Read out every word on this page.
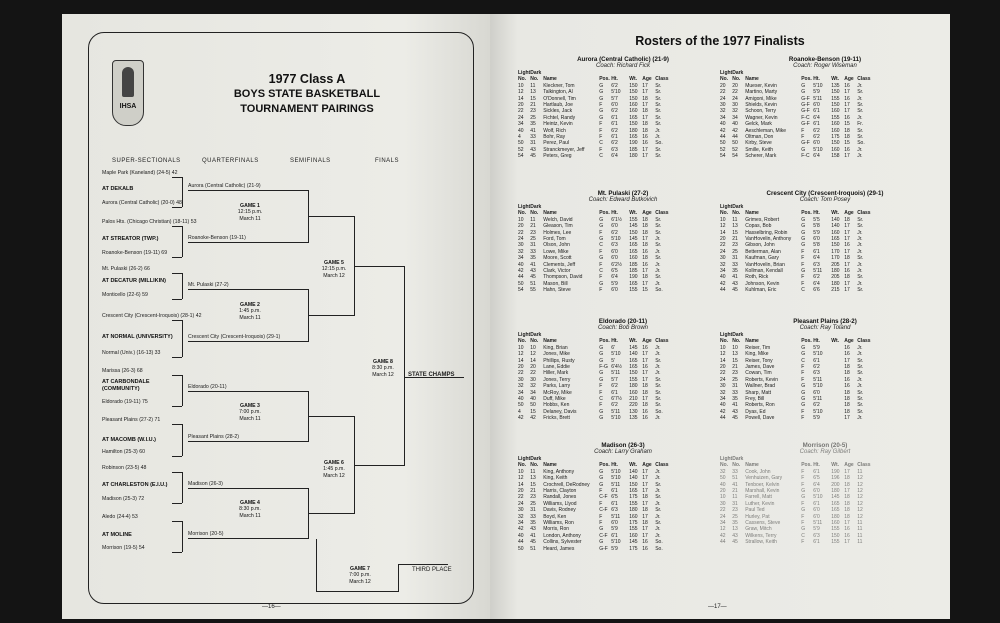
IHSA
1977 Class A
BOYS STATE BASKETBALL
TOURNAMENT PAIRINGS
SUPER-SECTIONALS	QUARTERFINALS	SEMIFINALS	FINALS
Maple Park (Kaneland) (24-5) 42
AT DEKALB
Aurora (Central Catholic) (20-0) 48
Palos Hts. (Chicago Christian) (18-11) 53
AT STREATOR (TWP.)
Roanoke-Benson (19-11) 69
Mt. Pulaski (26-2) 66
AT DECATUR (MILLIKIN)
Monticello (22-6) 59
Crescent City (Crescent-Iroquois) (28-1) 42
AT NORMAL (UNIVERSITY)
Normal (Univ.) (16-13) 33
Marissa (26-3) 68
AT CARBONDALE (COMMUNITY)
Eldorado (19-11) 75
Pleasant Plains (27-2) 71
AT MACOMB (W.I.U.)
Hamilton (25-3) 60
Robinson (23-5) 48
AT CHARLESTON (E.I.U.)
Madison (25-3) 72
Aledo (24-4) 53
AT MOLINE
Morrison (19-5) 54
Aurora (Central Catholic) (21-9)
Roanoke-Benson (19-11)
Mt. Pulaski (27-2)
Crescent City (Crescent-Iroquois) (29-1)
Eldorado (20-11)
Pleasant Plains (28-2)
Madison (26-3)
Morrison (20-5)
GAME 1
12:15 p.m.
March 11
GAME 2
1:45 p.m.
March 11
GAME 3
7:00 p.m.
March 11
GAME 4
8:30 p.m.
March 11
GAME 5
12:15 p.m.
March 12
GAME 6
1:45 p.m.
March 12
GAME 7
7:00 p.m.
March 12
GAME 8
8:30 p.m.
March 12	STATE CHAMPS
THIRD PLACE
—16—
Rosters of the 1977 Finalists
Aurora (Central Catholic) (21-9)
Coach: Richard Fick
Light	Dark						
No.	No.	Name	Pos.	Ht.	Wt.	Age	Class
10	11	Kleckner, Tom	G	6'2	150	17	Sr.
12	13	Talkington, Al	G	5'10	150	17	Sr.
14	15	O'Donnell, Tim	G	5'7	150	18	Sr.
20	21	Hartlaub, Joe	F	6'0	160	17	Sr.
22	23	Sickles, Jack	G	6'2	160	18	Sr.
24	25	Fichtel, Randy	G	6'1	165	17	Sr.
34	35	Heintz, Kevin	F	6'1	150	18	Sr.
40	41	Wolf, Rich	F	6'2	180	18	Jr.
4	33	Bohr, Ray	F	6'1	165	16	Jr.
50	31	Perez, Paul	C	6'2	190	16	So.
52	43	Stranckmeyer, Jeff	F	6'3	185	17	Sr.
54	45	Peters, Greg	C	6'4	180	17	Sr.
Roanoke-Benson (19-11)
Coach: Roger Wiseman
Light	Dark						
No.	No.	Name	Pos.	Ht.	Wt.	Age	Class
20	20	Mueser, Kevin	G	5'10	135	16	Jr.
22	22	Martino, Marty	G	5'9	150	17	Sr.
24	24	Amigoni, Mike	G-F	5'11	155	16	Jr.
30	30	Shields, Kevin	G-F	6'0	150	17	Sr.
32	32	Schoon, Terry	G-F	6'1	160	17	Sr.
34	34	Wagner, Kevin	F-C	6'4	155	16	Jr.
40	40	Gelck, Mark	G-F	6'1	160	15	Fr.
42	42	Aeschleman, Mike	F	6'2	160	18	Sr.
44	44	Oltman, Don	F	6'2	175	18	Sr.
50	50	Kirby, Steve	G-F	6'0	150	15	So.
52	52	Smille, Keith	G	5'10	160	16	Jr.
54	54	Scherer, Mark	F-C	6'4	158	17	Jr.
Mt. Pulaski (27-2)
Coach: Edward Butkovich
Light	Dark						
No.	No.	Name	Pos.	Ht.	Wt.	Age	Class
10	11	Welch, David	G	6'1½	155	18	Sr.
20	21	Gleason, Tim	G	6'0	145	18	Sr.
22	23	Holmes, Lee	F	6'2	150	18	Sr.
24	25	Ford, Tom	G	5'10	145	17	Jr.
30	31	Olson, John	C	6'3	165	18	Sr.
32	33	Lowe, Mike	F	6'0	165	16	Jr.
34	35	Moore, Scott	G	6'0	160	18	Sr.
40	41	Clements, Jeff	F	6'2½	185	16	Jr.
42	43	Clark, Victor	C	6'5	185	17	Jr.
44	45	Thompson, David	F	6'4	190	18	Sr.
50	51	Mason, Bill	G	5'9	165	17	Jr.
54	55	Hahn, Steve	F	6'0	155	15	So.
Crescent City (Crescent-Iroquois) (29-1)
Coach: Tom Posey
Light	Dark						
No.	No.	Name	Pos.	Ht.	Wt.	Age	Class
10	11	Grimes, Robert	G	5'5	140	18	Sr.
12	13	Copas, Bob	G	5'8	140	17	Sr.
14	15	Hasselbring, Robin	G	5'9	160	17	Jr.
20	21	VanHovelin, Anthony	G	6'0	165	17	Jr.
22	23	Gibson, John	G	5'8	150	16	Jr.
24	25	Betterman, Alan	F	6'1	170	17	Jr.
30	31	Kaufman, Gary	F	6'4	170	18	Sr.
32	33	VanHovelin, Brian	F	6'3	205	17	Jr.
34	35	Kollman, Kendall	G	5'11	180	16	Jr.
40	41	Roth, Rick	F	6'2	205	18	Sr.
42	43	Johnson, Kevin	F	6'4	180	17	Jr.
44	45	Kuhlman, Eric	C	6'6	215	17	Sr.
Eldorado (20-11)
Coach: Bob Brown
Light	Dark						
No.	No.	Name	Pos.	Ht.	Wt.	Age	Class
10	10	King, Brian	G	6'	145	16	Jr.
12	12	Jones, Mike	G	5'10	140	17	Jr.
14	14	Phillips, Rusty	G	5'	165	17	Sr.
20	20	Lane, Eddie	F-G	6'4½	165	16	Jr.
22	22	Hiller, Mark	G	5'11	150	17	Jr.
30	30	Jones, Terry	G	5'7	155	17	Sr.
32	32	Parks, Larry	F	6'2	180	18	Sr.
34	34	McRoy, Mike	F	6'1	160	18	Sr.
40	40	Duff, Mike	C	6'7½	210	17	Sr.
50	50	Hobbs, Ken	F	6'2	220	18	Sr.
4	15	Delaney, Davis	G	5'11	130	16	So.
42	42	Fricks, Brett	G	5'10	135	16	Jr.
Pleasant Plains (28-2)
Coach: Ray Toland
Light	Dark						
No.	No.	Name	Pos.	Ht.	Wt.	Age	Class
10	10	Reiser, Tim	G	5'9		16	Jr.
12	13	King, Mike	G	5'10		16	Jr.
14	15	Reiser, Tony	C	6'1		17	Sr.
20	21	James, Dave	F	6'2		18	Sr.
22	23	Cowan, Tim	F	6'3		18	Sr.
24	25	Roberts, Kevin	F	5'11		16	Jr.
30	31	Wallner, Brad	G	5'10		16	Jr.
32	33	Sharp, Matt	G	6'0		18	Sr.
34	35	Frey, Bill	G	5'11		18	Sr.
40	41	Roberts, Ron	G	6'2		18	Sr.
42	43	Dyas, Ed	F	5'10		18	Sr.
44	45	Powell, Dave	F	5'9		17	Jr.
Madison (26-3)
Coach: Larry Graham
Light	Dark						
No.	No.	Name	Pos.	Ht.	Wt.	Age	Class
10	11	King, Anthony	G	5'10	140	17	Jr.
12	13	King, Keith	G	5'10	140	17	Jr.
14	15	Crochrell, DeRodney	G	5'11	150	17	Sr.
20	21	Harris, Clayton	F	6'1	165	17	Jr.
22	23	Randall, Jones	C-F	6'5	175	18	Sr.
24	25	Williams, Llyod	F	6'1	155	17	Jr.
30	31	Davis, Rodney	C-F	6'3	180	18	Sr.
32	33	Boyd, Ken	F	5'11	160	17	Jr.
34	35	Williams, Ron	F	6'0	175	18	Sr.
42	43	Morris, Ron	G	5'9	155	17	Jr.
40	41	London, Anthony	C-F	6'1	160	17	Jr.
44	45	Collins, Sylvester	G	5'10	145	16	So.
50	51	Heard, James	G-F	5'9	175	16	So.
Morrison (20-5)
Coach: Ray Gilbert
Light	Dark						
No.	No.	Name	Pos.	Ht.	Wt.	Age	Class
32	33	Cook, John	F	6'1	190	17	11
50	51	Venhuizen, Gary	F	6'5	196	18	12
40	41	Tenboer, Kelvin	F	6'4	200	18	12
20	21	Marshall, Kevin	G	6'0	180	17	12
10	11	Farrell, Matt	G	5'10	145	18	12
30	31	Luther, Kevin	F	6'1	165	18	12
22	23	Paul Ted	G	6'0	165	18	12
24	25	Hurley, Pat	F	6'0	180	18	12
34	35	Cassens, Steve	F	5'11	160	17	11
12	13	Graw, Mitch	G	5'9	155	16	11
42	43	Wilkens, Terry	C	6'3	150	16	11
44	45	Strallow, Keith	F	6'1	155	17	11
—17—
